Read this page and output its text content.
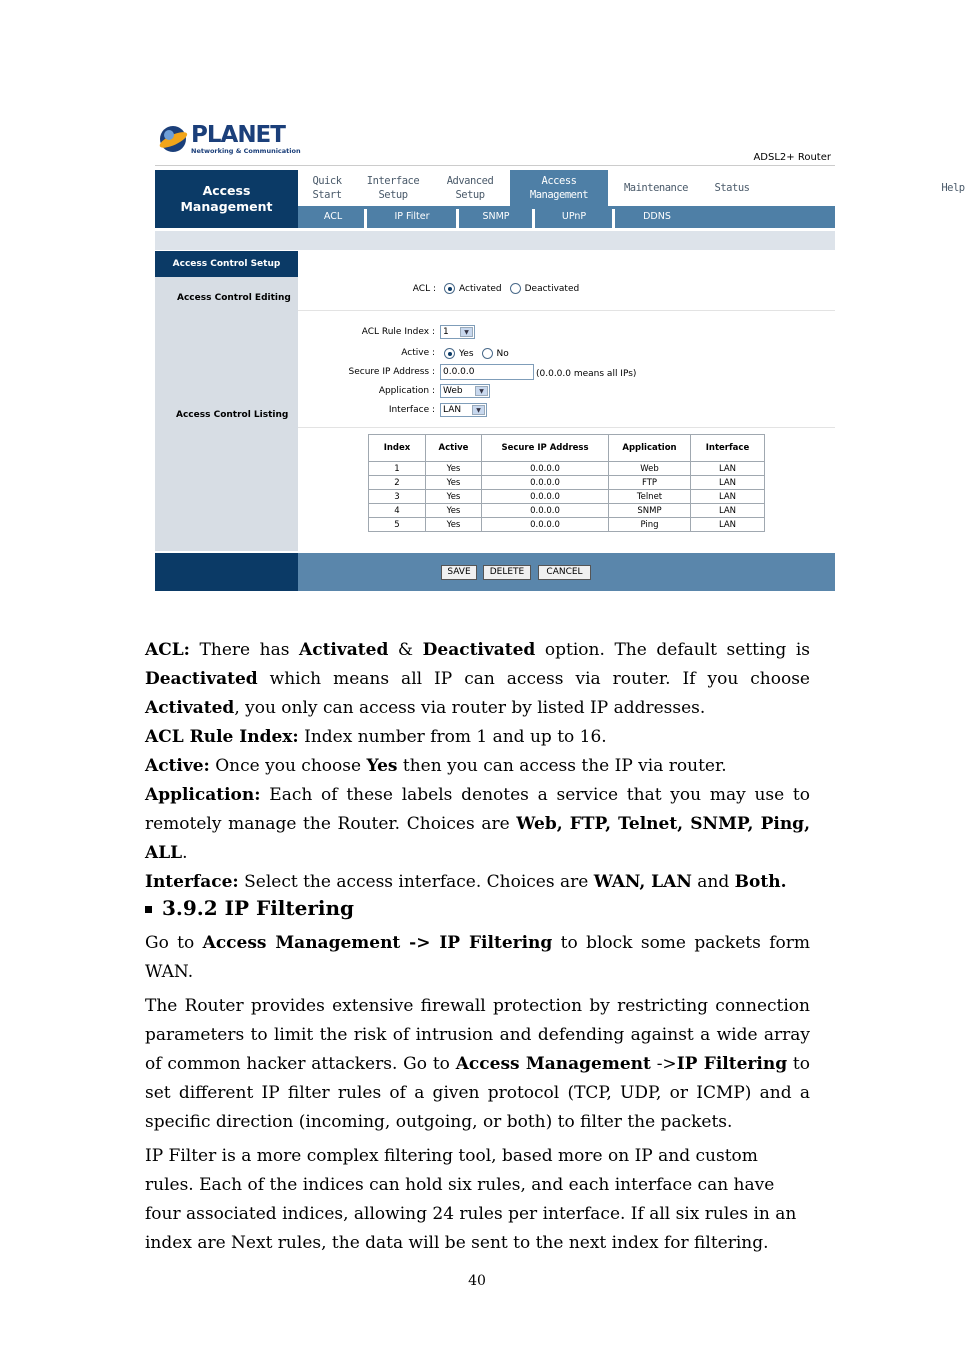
PLANET
Networking & Communication
ADSL2+ Router
Access
Management
Quick
Start
Interface
Setup
Advanced
Setup
Access
Management
Maintenance	Status	Help
ACL	IP Filter	SNMP	UPnP	DDNS
Access Control Setup
Access Control Editing
Access Control Listing
ACL :	Activated	Deactivated
ACL Rule Index : 1	▼
Active :	Yes	No
Secure IP Address : 0.0.0.0	(0.0.0.0 means all IPs)
Application : Web	▼
Interface : LAN	▼
Index	Active	Secure IP Address	Application	Interface
1	Yes	0.0.0.0	Web	LAN
2	Yes	0.0.0.0	FTP	LAN
3	Yes	0.0.0.0	Telnet	LAN
4	Yes	0.0.0.0	SNMP	LAN
5	Yes	0.0.0.0	Ping	LAN
SAVE	DELETE	CANCEL

ACL: There has Activated & Deactivated option. The default setting is Deactivated which means all IP can access via router. If you choose Activated, you only can access via router by listed IP addresses.

ACL Rule Index: Index number from 1 and up to 16.

Active: Once you choose Yes then you can access the IP via router.

Application: Each of these labels denotes a service that you may use to remotely manage the Router. Choices are Web, FTP, Telnet, SNMP, Ping, ALL.

Interface: Select the access interface. Choices are WAN, LAN and Both.

3.9.2 IP Filtering

Go to Access Management -> IP Filtering to block some packets form WAN.

The Router provides extensive firewall protection by restricting connection parameters to limit the risk of intrusion and defending against a wide array of common hacker attackers. Go to Access Management ->IP Filtering to set different IP filter rules of a given protocol (TCP, UDP, or ICMP) and a specific direction (incoming, outgoing, or both) to filter the packets.

IP Filter is a more complex filtering tool, based more on IP and custom rules. Each of the indices can hold six rules, and each interface can have four associated indices, allowing 24 rules per interface. If all six rules in an index are Next rules, the data will be sent to the next index for filtering.

40
